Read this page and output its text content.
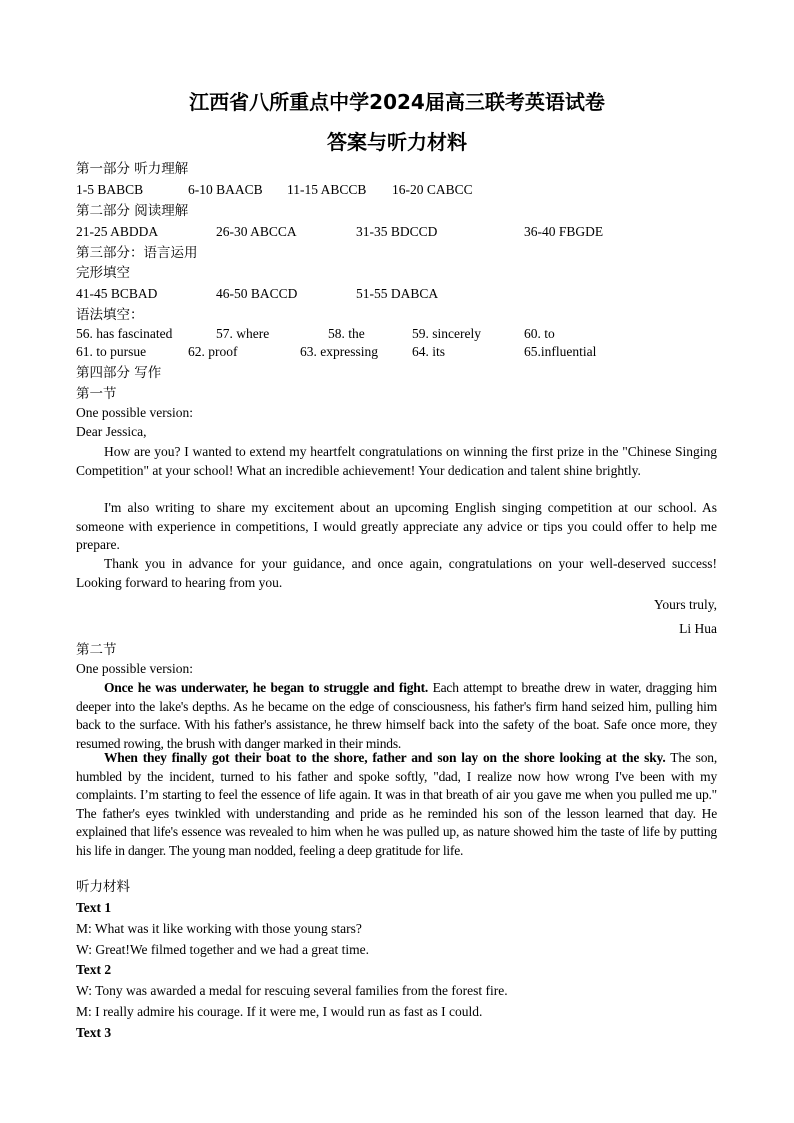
江西省八所重点中学2024届高三联考英语试卷
答案与听力材料
第一部分 听力理解
1-5 BABCB	6-10 BAACB 11-15 ABCCB 16-20 CABCC
第二部分 阅读理解
21-25 ABDDA	26-30 ABCCA	31-35 BDCCD	36-40 FBGDE
第三部分：语言运用
完形填空
41-45 BCBAD	46-50 BACCD	51-55 DABCA
语法填空：
56. has fascinated	57. where	58. the	59. sincerely	60. to
61. to pursue	62. proof	63. expressing	64. its	65.influential
第四部分 写作
第一节
One possible version:
Dear Jessica,
How are you? I wanted to extend my heartfelt congratulations on winning the first prize in the "Chinese Singing Competition" at your school! What an incredible achievement! Your dedication and talent shine brightly.
I'm also writing to share my excitement about an upcoming English singing competition at our school. As someone with experience in competitions, I would greatly appreciate any advice or tips you could offer to help me prepare.
Thank you in advance for your guidance, and once again, congratulations on your well-deserved success! Looking forward to hearing from you.
Yours truly,
Li Hua
第二节
One possible version:
Once he was underwater, he began to struggle and fight. Each attempt to breathe drew in water, dragging him deeper into the lake's depths. As he became on the edge of consciousness, his father's firm hand seized him, pulling him back to the surface. With his father's assistance, he threw himself back into the safety of the boat. Safe once more, they resumed rowing, the brush with danger marked in their minds.
When they finally got their boat to the shore, father and son lay on the shore looking at the sky. The son, humbled by the incident, turned to his father and spoke softly, "dad, I realize now how wrong I've been with my complaints. I’m starting to feel the essence of life again. It was in that breath of air you gave me when you pulled me up." The father's eyes twinkled with understanding and pride as he reminded his son of the lesson learned that day. He explained that life's essence was revealed to him when he was pulled up, as nature showed him the taste of life by putting his life in danger. The young man nodded, feeling a deep gratitude for life.
听力材料
Text 1
M: What was it like working with those young stars?
W: Great!We filmed together and we had a great time.
Text 2
W: Tony was awarded a medal for rescuing several families from the forest fire.
M: I really admire his courage. If it were me, I would run as fast as I could.
Text 3
